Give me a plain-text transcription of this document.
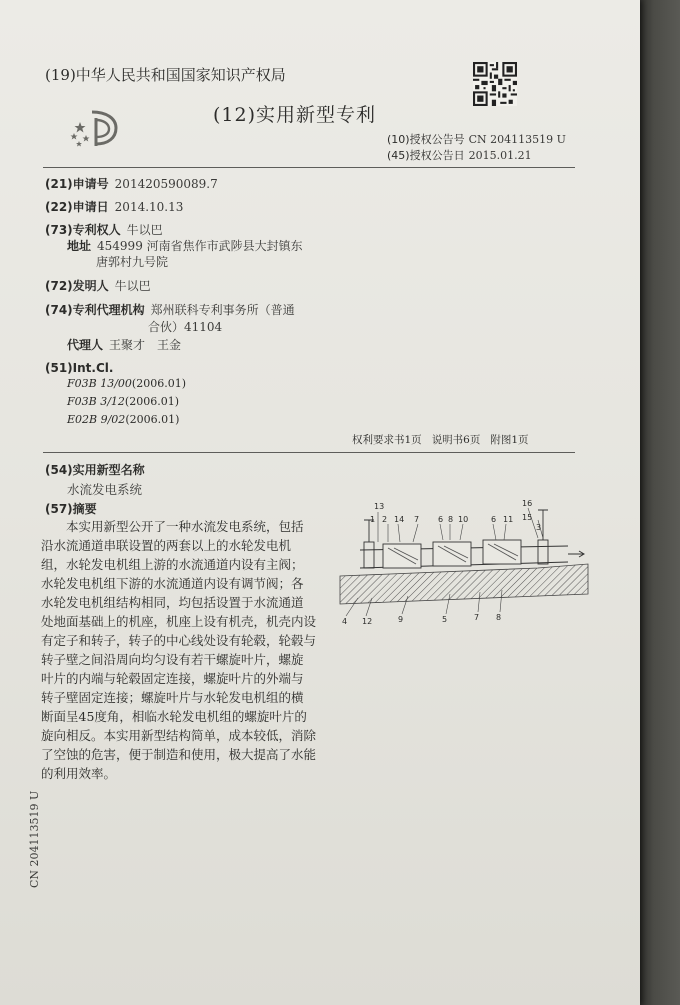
(19)中华人民共和国国家知识产权局
(12)实用新型专利
(10)授权公告号 CN 204113519 U
(45)授权公告日 2015.01.21
(21)申请号 201420590089.7
(22)申请日 2014.10.13
(73)专利权人 牛以巴
地址 454999 河南省焦作市武陟县大封镇东
唐郭村九号院
(72)发明人 牛以巴
(74)专利代理机构 郑州联科专利事务所（普通
合伙）41104
代理人 王聚才　王金
(51)Int.Cl.
F03B 13/00(2006.01)
F03B 3/12(2006.01)
E02B 9/02(2006.01)
权利要求书1页 说明书6页 附图1页
(54)实用新型名称
水流发电系统
(57)摘要
　　本实用新型公开了一种水流发电系统，包括
沿水流通道串联设置的两套以上的水轮发电机
组，水轮发电机组上游的水流通道内设有主阀；
水轮发电机组下游的水流通道内设有调节阀；各
水轮发电机组结构相同，均包括设置于水流通道
处地面基础上的机座，机座上设有机壳，机壳内设
有定子和转子，转子的中心线处设有轮毂，轮毂与
转子壁之间沿周向均匀设有若干螺旋叶片，螺旋
叶片的内端与轮毂固定连接，螺旋叶片的外端与
转子壁固定连接；螺旋叶片与水轮发电机组的横
断面呈45度角，相临水轮发电机组的螺旋叶片的
旋向相反。本实用新型结构简单，成本较低，消除
了空蚀的危害，便于制造和使用，极大提高了水能
的利用效率。
13
1 2 14 7 6 8 10	6 11 15
16
3
4 12	9	5	7 8
CN 204113519 U
